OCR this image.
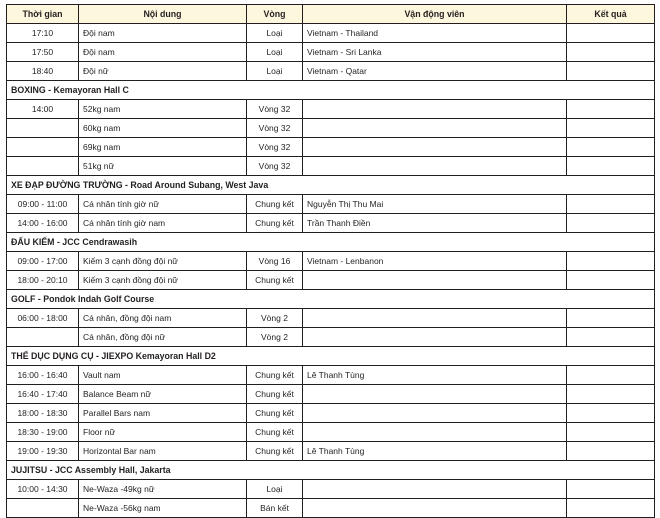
Thời gian	Nội dung	Vòng	Vận động viên	Kết quả
17:10	Đội nam	Loại	Vietnam - Thailand	
17:50	Đội nam	Loại	Vietnam - Sri Lanka	
18:40	Đội nữ	Loại	Vietnam - Qatar	
BOXING - Kemayoran Hall C				
14:00	52kg nam	Vòng 32		
	60kg nam	Vòng 32		
	69kg nam	Vòng 32		
	51kg nữ	Vòng 32		
XE ĐẠP ĐƯỜNG TRƯỜNG - Road Around Subang, West Java				
09:00 - 11:00	Cá nhân tính giờ nữ	Chung kết	Nguyễn Thị Thu Mai	
14:00 - 16:00	Cá nhân tính giờ nam	Chung kết	Trần Thanh Điền	
ĐẤU KIẾM - JCC Cendrawasih				
09:00 - 17:00	Kiếm 3 cạnh đồng đội nữ	Vòng 16	Vietnam - Lenbanon	
18:00 - 20:10	Kiếm 3 cạnh đồng đội nữ	Chung kết		
GOLF - Pondok Indah Golf Course				
06:00 - 18:00	Cá nhân, đồng đội nam	Vòng 2		
	Cá nhân, đồng đội nữ	Vòng 2		
THỂ DỤC DỤNG CỤ - JIEXPO Kemayoran Hall D2				
16:00 - 16:40	Vault nam	Chung kết	Lê Thanh Tùng	
16:40 - 17:40	Balance Beam nữ	Chung kết		
18:00 - 18:30	Parallel Bars nam	Chung kết		
18:30 - 19:00	Floor nữ	Chung kết		
19:00 - 19:30	Horizontal Bar nam	Chung kết	Lê Thanh Tùng	
JUJITSU - JCC Assembly Hall, Jakarta				
10:00 - 14:30	Ne-Waza -49kg nữ	Loại		
	Ne-Waza -56kg nam	Bán kết		
